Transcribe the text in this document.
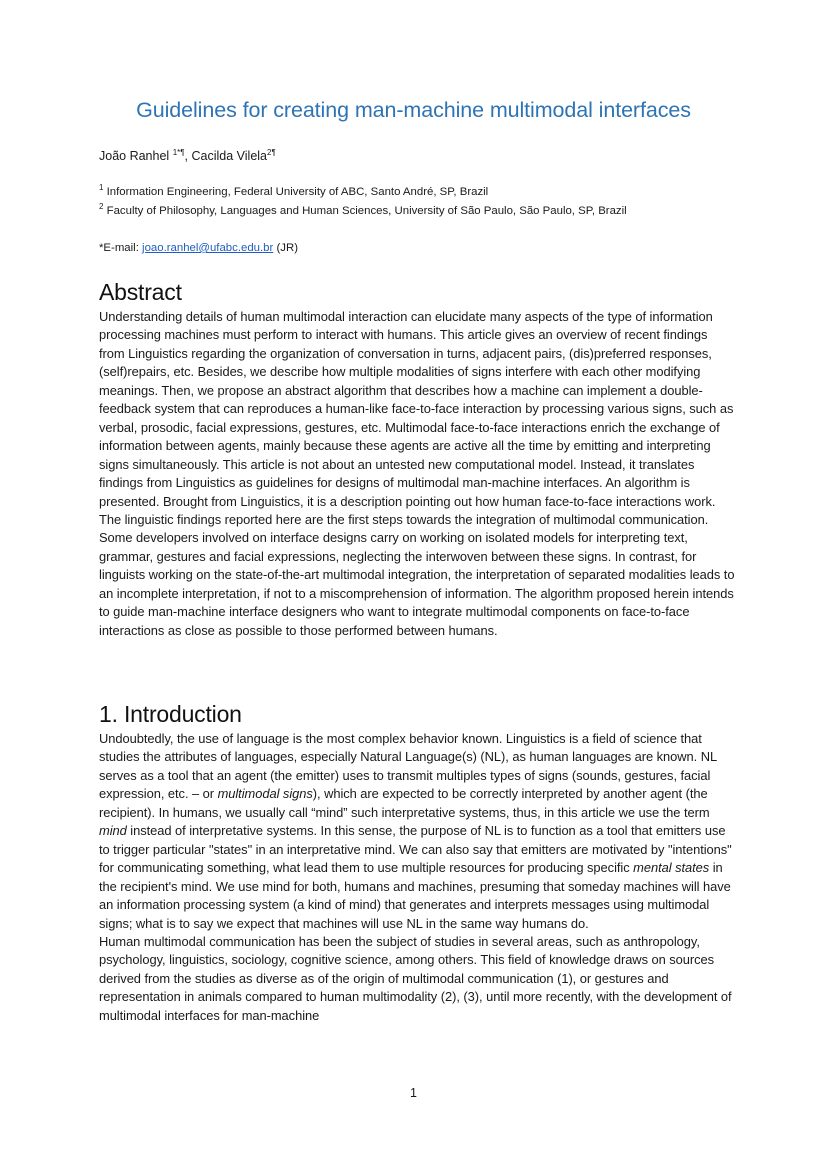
Guidelines for creating man-machine multimodal interfaces

João Ranhel $^{1*\P}$, Cacilda Vilela$^{2\P}$

$^1$ Information Engineering, Federal University of ABC, Santo André, SP, Brazil

$^2$ Faculty of Philosophy, Languages and Human Sciences, University of São Paulo, São Paulo, SP, Brazil

*E-mail: joao.ranhel@ufabc.edu.br (JR)

Abstract

Understanding details of human multimodal interaction can elucidate many aspects of the type of information processing machines must perform to interact with humans. This article gives an overview of recent findings from Linguistics regarding the organization of conversation in turns, adjacent pairs, (dis)preferred responses, (self)repairs, etc. Besides, we describe how multiple modalities of signs interfere with each other modifying meanings. Then, we propose an abstract algorithm that describes how a machine can implement a double-feedback system that can reproduces a human-like face-to-face interaction by processing various signs, such as verbal, prosodic, facial expressions, gestures, etc. Multimodal face-to-face interactions enrich the exchange of information between agents, mainly because these agents are active all the time by emitting and interpreting signs simultaneously. This article is not about an untested new computational model. Instead, it translates findings from Linguistics as guidelines for designs of multimodal man-machine interfaces. An algorithm is presented. Brought from Linguistics, it is a description pointing out how human face-to-face interactions work. The linguistic findings reported here are the first steps towards the integration of multimodal communication. Some developers involved on interface designs carry on working on isolated models for interpreting text, grammar, gestures and facial expressions, neglecting the interwoven between these signs. In contrast, for linguists working on the state-of-the-art multimodal integration, the interpretation of separated modalities leads to an incomplete interpretation, if not to a miscomprehension of information. The algorithm proposed herein intends to guide man-machine interface designers who want to integrate multimodal components on face-to-face interactions as close as possible to those performed between humans.

1. Introduction

Undoubtedly, the use of language is the most complex behavior known. Linguistics is a field of science that studies the attributes of languages, especially Natural Language(s) (NL), as human languages are known. NL serves as a tool that an agent (the emitter) uses to transmit multiples types of signs (sounds, gestures, facial expression, etc. – or multimodal signs), which are expected to be correctly interpreted by another agent (the recipient). In humans, we usually call “mind” such interpretative systems, thus, in this article we use the term mind instead of interpretative systems. In this sense, the purpose of NL is to function as a tool that emitters use to trigger particular "states" in an interpretative mind. We can also say that emitters are motivated by "intentions" for communicating something, what lead them to use multiple resources for producing specific mental states in the recipient's mind. We use mind for both, humans and machines, presuming that someday machines will have an information processing system (a kind of mind) that generates and interprets messages using multimodal signs; what is to say we expect that machines will use NL in the same way humans do.

Human multimodal communication has been the subject of studies in several areas, such as anthropology, psychology, linguistics, sociology, cognitive science, among others. This field of knowledge draws on sources derived from the studies as diverse as of the origin of multimodal communication (1), or gestures and representation in animals compared to human multimodality (2), (3), until more recently, with the development of multimodal interfaces for man-machine

1
